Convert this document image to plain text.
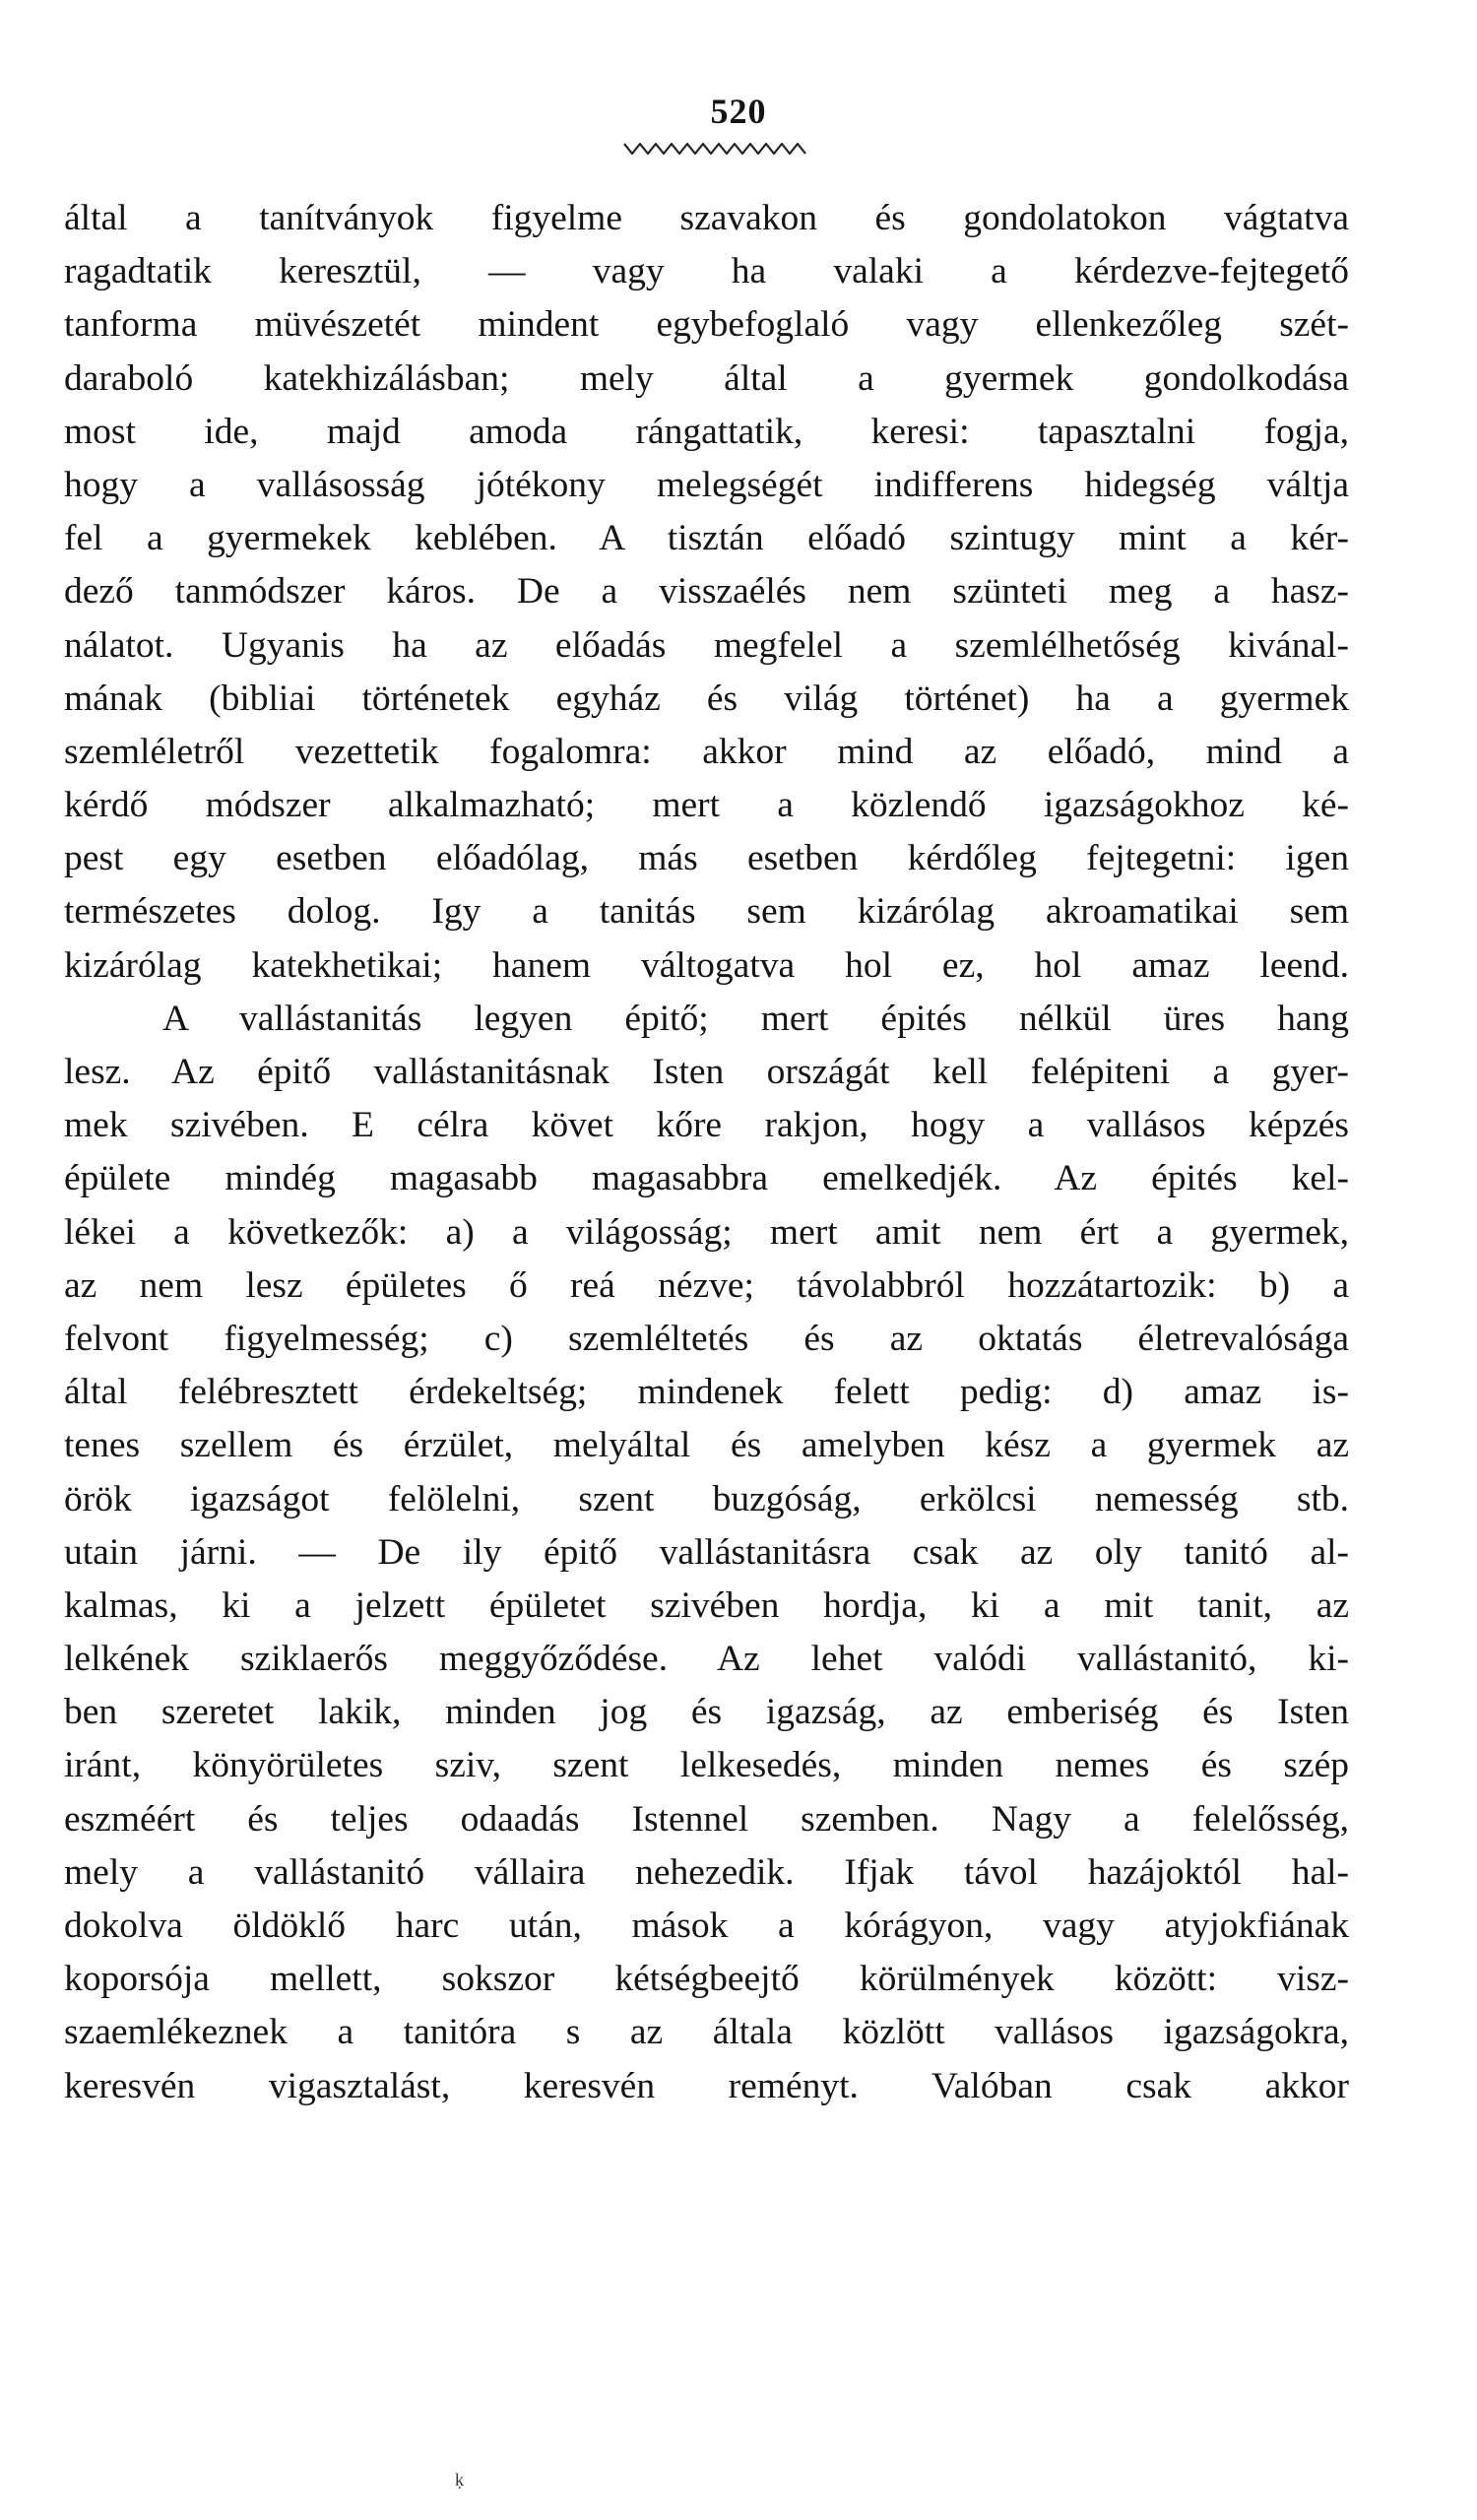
520
által a tanítványok figyelme szavakon és gondolatokon vágtatva
ragadtatik keresztül, — vagy ha valaki a kérdezve-fejtegető
tanforma müvészetét mindent egybefoglaló vagy ellenkezőleg szét-
daraboló katekhizálásban; mely által a gyermek gondolkodása
most ide, majd amoda rángattatik, keresi: tapasztalni fogja,
hogy a vallásosság jótékony melegségét indifferens hidegség váltja
fel a gyermekek keblében. A tisztán előadó szintugy mint a kér-
dező tanmódszer káros. De a visszaélés nem szünteti meg a hasz-
nálatot. Ugyanis ha az előadás megfelel a szemlélhetőség kivánal-
mának (bibliai történetek egyház és világ történet) ha a gyermek
szemléletről vezettetik fogalomra: akkor mind az előadó, mind a
kérdő módszer alkalmazható; mert a közlendő igazságokhoz ké-
pest egy esetben előadólag, más esetben kérdőleg fejtegetni: igen
természetes dolog. Igy a tanitás sem kizárólag akroamatikai sem
kizárólag katekhetikai; hanem váltogatva hol ez, hol amaz leend.
A vallástanitás legyen épitő; mert épités nélkül üres hang
lesz. Az épitő vallástanitásnak Isten országát kell felépiteni a gyer-
mek szivében. E célra követ kőre rakjon, hogy a vallásos képzés
épülete mindég magasabb magasabbra emelkedjék. Az épités kel-
lékei a következők: a) a világosság; mert amit nem ért a gyermek,
az nem lesz épületes ő reá nézve; távolabbról hozzátartozik: b) a
felvont figyelmesség; c) szemléltetés és az oktatás életrevalósága
által felébresztett érdekeltség; mindenek felett pedig: d) amaz is-
tenes szellem és érzület, melyáltal és amelyben kész a gyermek az
örök igazságot felölelni, szent buzgóság, erkölcsi nemesség stb.
utain járni. — De ily épitő vallástanitásra csak az oly tanitó al-
kalmas, ki a jelzett épületet szivében hordja, ki a mit tanit, az
lelkének sziklaerős meggyőződése. Az lehet valódi vallástanitó, ki-
ben szeretet lakik, minden jog és igazság, az emberiség és Isten
iránt, könyörületes sziv, szent lelkesedés, minden nemes és szép
eszméért és teljes odaadás Istennel szemben. Nagy a felelősség,
mely a vallástanitó vállaira nehezedik. Ifjak távol hazájoktól hal-
dokolva öldöklő harc után, mások a kórágyon, vagy atyjokfiának
koporsója mellett, sokszor kétségbeejtő körülmények között: visz-
szaemlékeznek a tanitóra s az általa közlött vallásos igazságokra,
keresvén vigasztalást, keresvén reményt. Valóban csak akkor
ḳ
